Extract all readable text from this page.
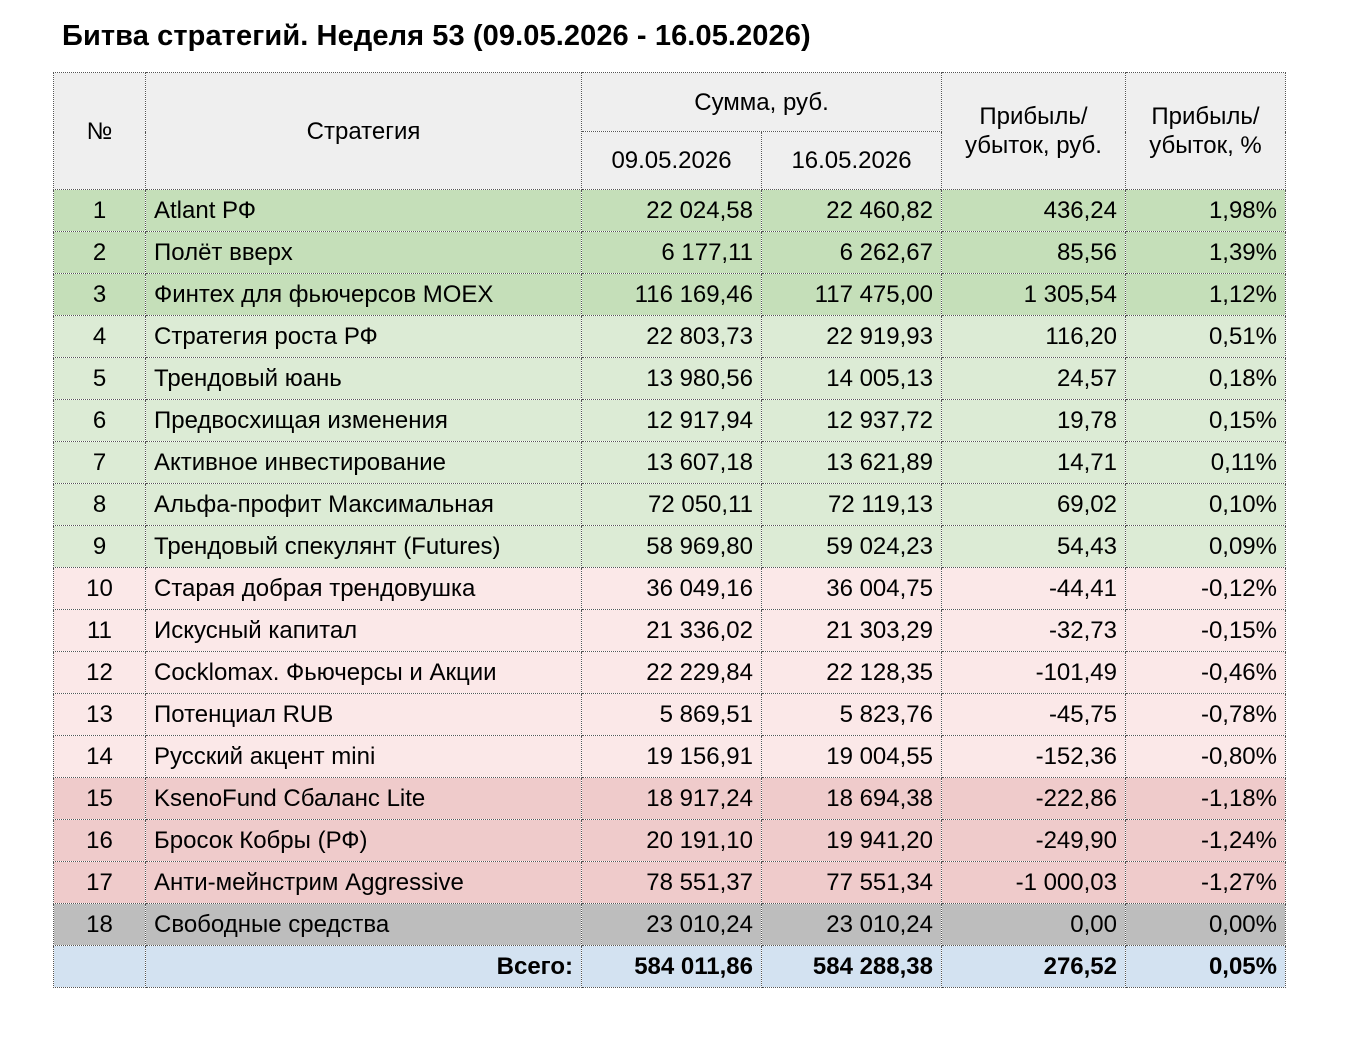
Битва стратегий. Неделя 53 (09.05.2026 - 16.05.2026)
№	Стратегия	Сумма, руб.		Прибыль/ убыток, руб.	Прибыль/ убыток, %
		09.05.2026	16.05.2026		
1	Atlant РФ	22 024,58	22 460,82	436,24	1,98%
2	Полёт вверх	6 177,11	6 262,67	85,56	1,39%
3	Финтех для фьючерсов MOEX	116 169,46	117 475,00	1 305,54	1,12%
4	Стратегия роста РФ	22 803,73	22 919,93	116,20	0,51%
5	Трендовый юань	13 980,56	14 005,13	24,57	0,18%
6	Предвосхищая изменения	12 917,94	12 937,72	19,78	0,15%
7	Активное инвестирование	13 607,18	13 621,89	14,71	0,11%
8	Альфа-профит Максимальная	72 050,11	72 119,13	69,02	0,10%
9	Трендовый спекулянт (Futures)	58 969,80	59 024,23	54,43	0,09%
10	Старая добрая трендовушка	36 049,16	36 004,75	-44,41	-0,12%
11	Искусный капитал	21 336,02	21 303,29	-32,73	-0,15%
12	Cocklomax. Фьючерсы и Акции	22 229,84	22 128,35	-101,49	-0,46%
13	Потенциал RUB	5 869,51	5 823,76	-45,75	-0,78%
14	Русский акцент mini	19 156,91	19 004,55	-152,36	-0,80%
15	KsenoFund Сбаланс Lite	18 917,24	18 694,38	-222,86	-1,18%
16	Бросок Кобры (РФ)	20 191,10	19 941,20	-249,90	-1,24%
17	Анти-мейнстрим Aggressive	78 551,37	77 551,34	-1 000,03	-1,27%
18	Свободные средства	23 010,24	23 010,24	0,00	0,00%
	Всего:	584 011,86	584 288,38	276,52	0,05%
